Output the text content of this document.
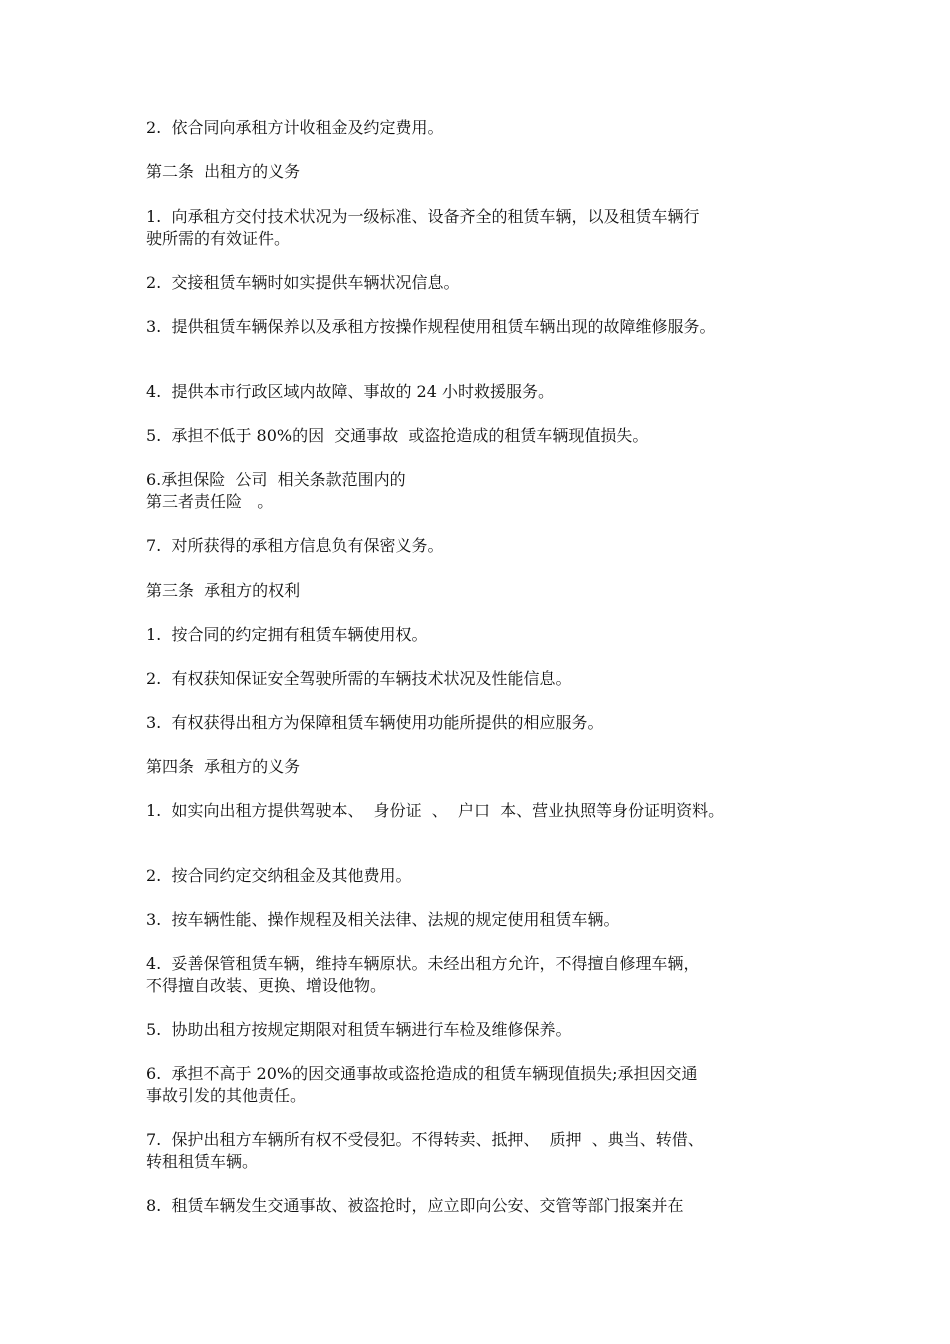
2.  依合同向承租方计收租金及约定费用。
第二条  出租方的义务
1.  向承租方交付技术状况为一级标准、设备齐全的租赁车辆，以及租赁车辆行
驶所需的有效证件。
2.  交接租赁车辆时如实提供车辆状况信息。
3.  提供租赁车辆保养以及承租方按操作规程使用租赁车辆出现的故障维修服务。
4.  提供本市行政区域内故障、事故的 24 小时救援服务。
5.  承担不低于 80%的因  交通事故  或盗抢造成的租赁车辆现值损失。
6.承担保险  公司  相关条款范围内的
第三者责任险   。
7.  对所获得的承租方信息负有保密义务。
第三条  承租方的权利
1.  按合同的约定拥有租赁车辆使用权。
2.  有权获知保证安全驾驶所需的车辆技术状况及性能信息。
3.  有权获得出租方为保障租赁车辆使用功能所提供的相应服务。
第四条  承租方的义务
1.  如实向出租方提供驾驶本、  身份证  、  户口  本、营业执照等身份证明资料。
2.  按合同约定交纳租金及其他费用。
3.  按车辆性能、操作规程及相关法律、法规的规定使用租赁车辆。
4.  妥善保管租赁车辆，维持车辆原状。未经出租方允许，不得擅自修理车辆，
不得擅自改装、更换、增设他物。
5.  协助出租方按规定期限对租赁车辆进行车检及维修保养。
6.  承担不高于 20%的因交通事故或盗抢造成的租赁车辆现值损失;承担因交通
事故引发的其他责任。
7.  保护出租方车辆所有权不受侵犯。不得转卖、抵押、  质押  、典当、转借、
转租租赁车辆。
8.  租赁车辆发生交通事故、被盗抢时，应立即向公安、交管等部门报案并在
